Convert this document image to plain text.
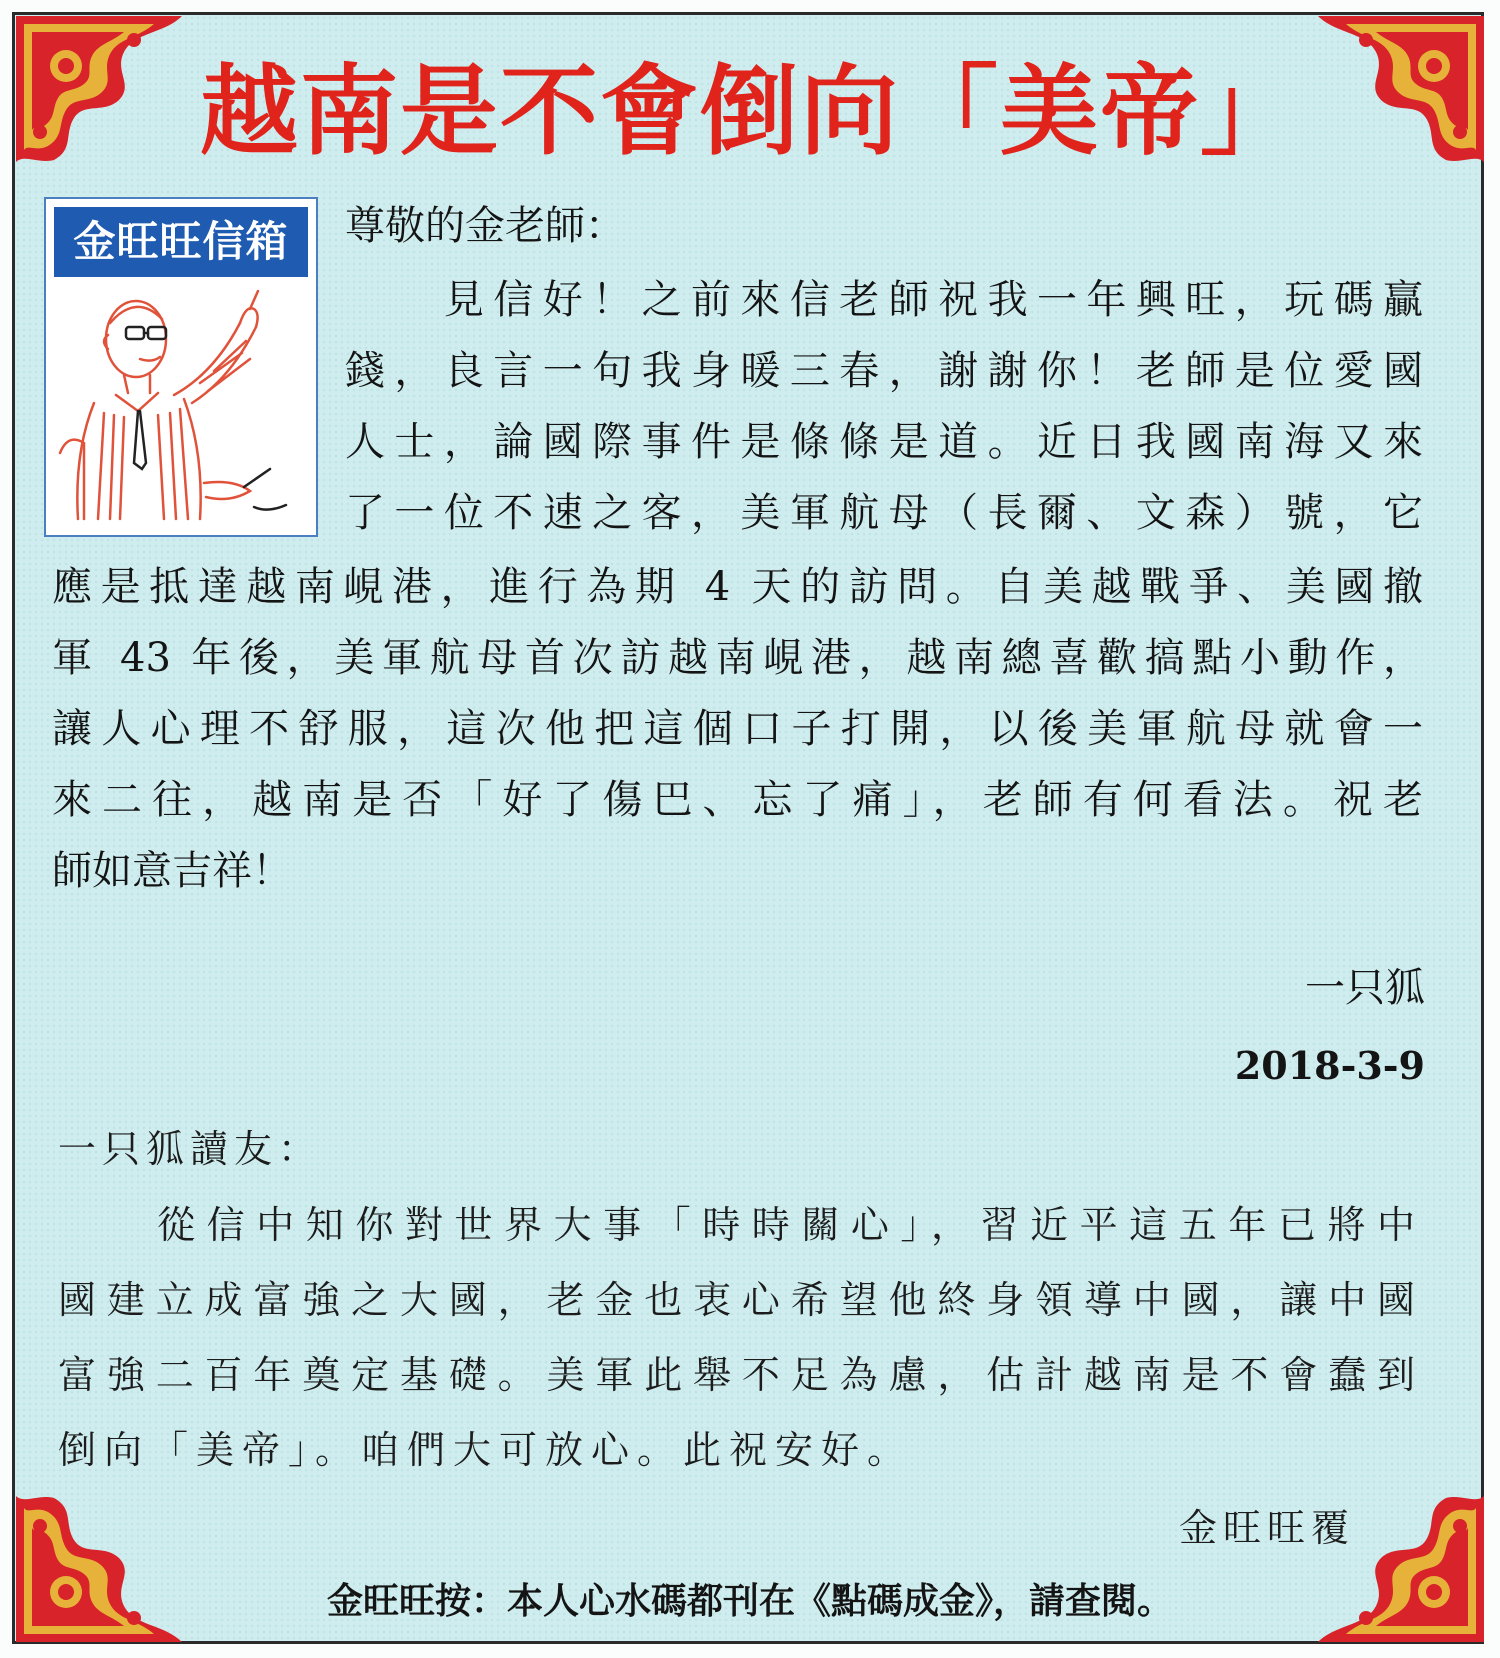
越南是不會倒向「美帝」
金旺旺信箱	尊敬的金老師：

　　見信好！之前來信老師祝我一年興旺，玩碼贏

錢，良言一句我身暖三春，謝謝你！老師是位愛國

人士，論國際事件是條條是道。近日我國南海又來

了一位不速之客，美軍航母（長爾、文森）號，它

應是抵達越南峴港，進行為期 4 天的訪問。自美越戰爭、美國撤

軍 43 年後，美軍航母首次訪越南峴港，越南總喜歡搞點小動作，

讓人心理不舒服，這次他把這個口子打開，以後美軍航母就會一

來二往，越南是否「好了傷巴、忘了痛」，老師有何看法。祝老

師如意吉祥！

一只狐

2018-3-9

一只狐讀友：

　　從信中知你對世界大事「時時關心」，習近平這五年已將中

國建立成富強之大國，老金也衷心希望他終身領導中國，讓中國

富強二百年奠定基礎。美軍此舉不足為慮，估計越南是不會蠢到

倒向「美帝」。咱們大可放心。此祝安好。

金旺旺覆

金旺旺按：本人心水碼都刊在《點碼成金》，請查閱。
